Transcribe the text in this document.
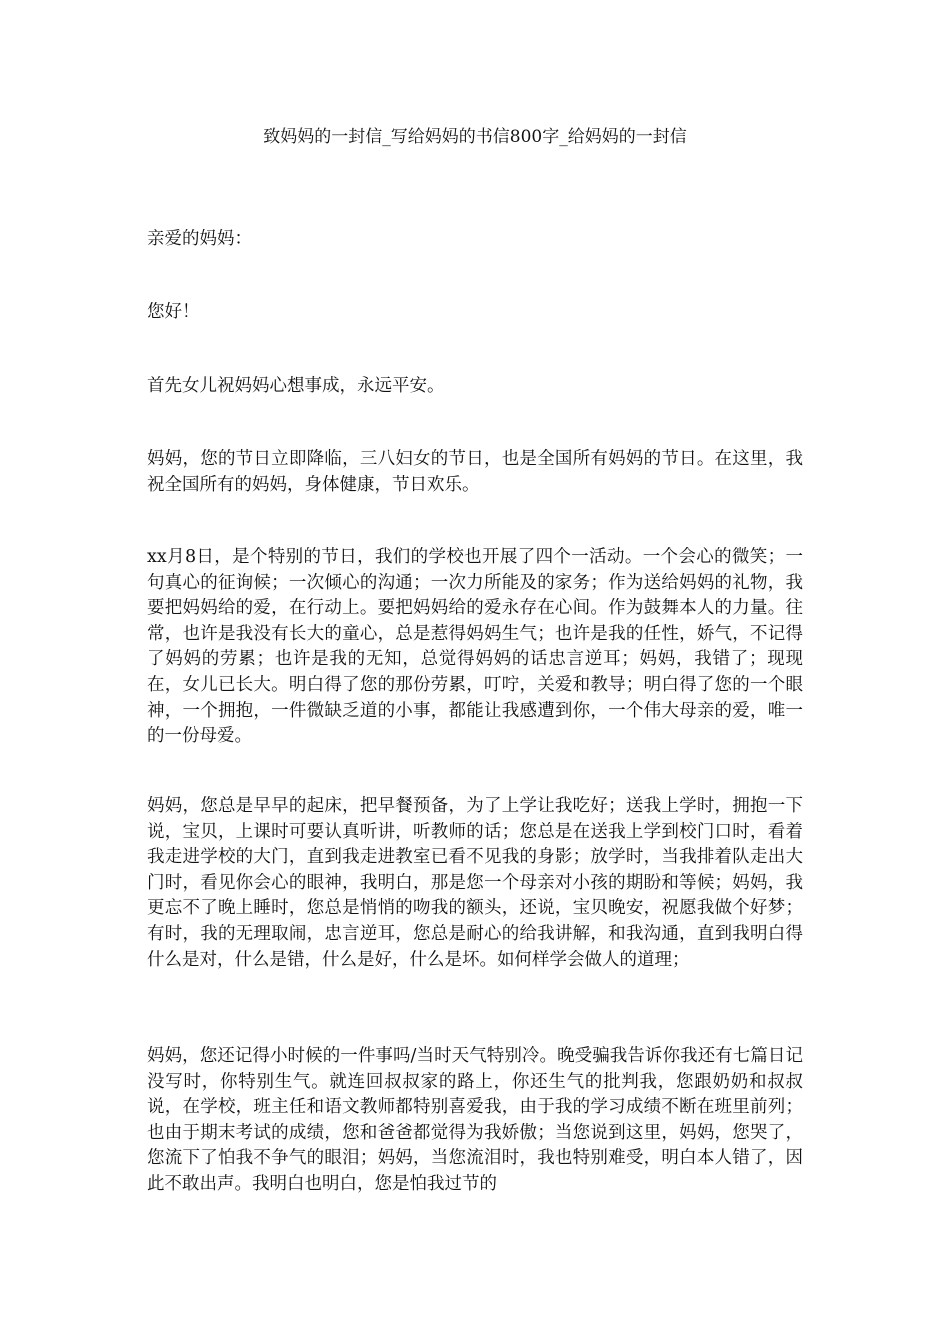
致妈妈的一封信_写给妈妈的书信800字_给妈妈的一封信

亲爱的妈妈：

您好！

首先女儿祝妈妈心想事成，永远平安。

妈妈，您的节日立即降临，三八妇女的节日，也是全国所有妈妈的节日。在这里，我祝全国所有的妈妈，身体健康，节日欢乐。

xx月8日，是个特别的节日，我们的学校也开展了四个一活动。一个会心的微笑；一句真心的征询候；一次倾心的沟通；一次力所能及的家务；作为送给妈妈的礼物，我要把妈妈给的爱，在行动上。要把妈妈给的爱永存在心间。作为鼓舞本人的力量。往常，也许是我没有长大的童心，总是惹得妈妈生气；也许是我的任性，娇气，不记得了妈妈的劳累；也许是我的无知，总觉得妈妈的话忠言逆耳；妈妈，我错了；现现在，女儿已长大。明白得了您的那份劳累，叮咛，关爱和教导；明白得了您的一个眼神，一个拥抱，一件微缺乏道的小事，都能让我感遭到你，一个伟大母亲的爱，唯一的一份母爱。

妈妈，您总是早早的起床，把早餐预备，为了上学让我吃好；送我上学时，拥抱一下说，宝贝，上课时可要认真听讲，听教师的话；您总是在送我上学到校门口时，看着我走进学校的大门，直到我走进教室已看不见我的身影；放学时，当我排着队走出大门时，看见你会心的眼神，我明白，那是您一个母亲对小孩的期盼和等候；妈妈，我更忘不了晚上睡时，您总是悄悄的吻我的额头，还说，宝贝晚安，祝愿我做个好梦；有时，我的无理取闹，忠言逆耳，您总是耐心的给我讲解，和我沟通，直到我明白得什么是对，什么是错，什么是好，什么是坏。如何样学会做人的道理；

妈妈，您还记得小时候的一件事吗/当时天气特别冷。晚受骗我告诉你我还有七篇日记没写时，你特别生气。就连回叔叔家的路上，你还生气的批判我，您跟奶奶和叔叔说，在学校，班主任和语文教师都特别喜爱我，由于我的学习成绩不断在班里前列；也由于期末考试的成绩，您和爸爸都觉得为我娇傲；当您说到这里，妈妈，您哭了，您流下了怕我不争气的眼泪；妈妈，当您流泪时，我也特别难受，明白本人错了，因此不敢出声。我明白也明白，您是怕我过节的
